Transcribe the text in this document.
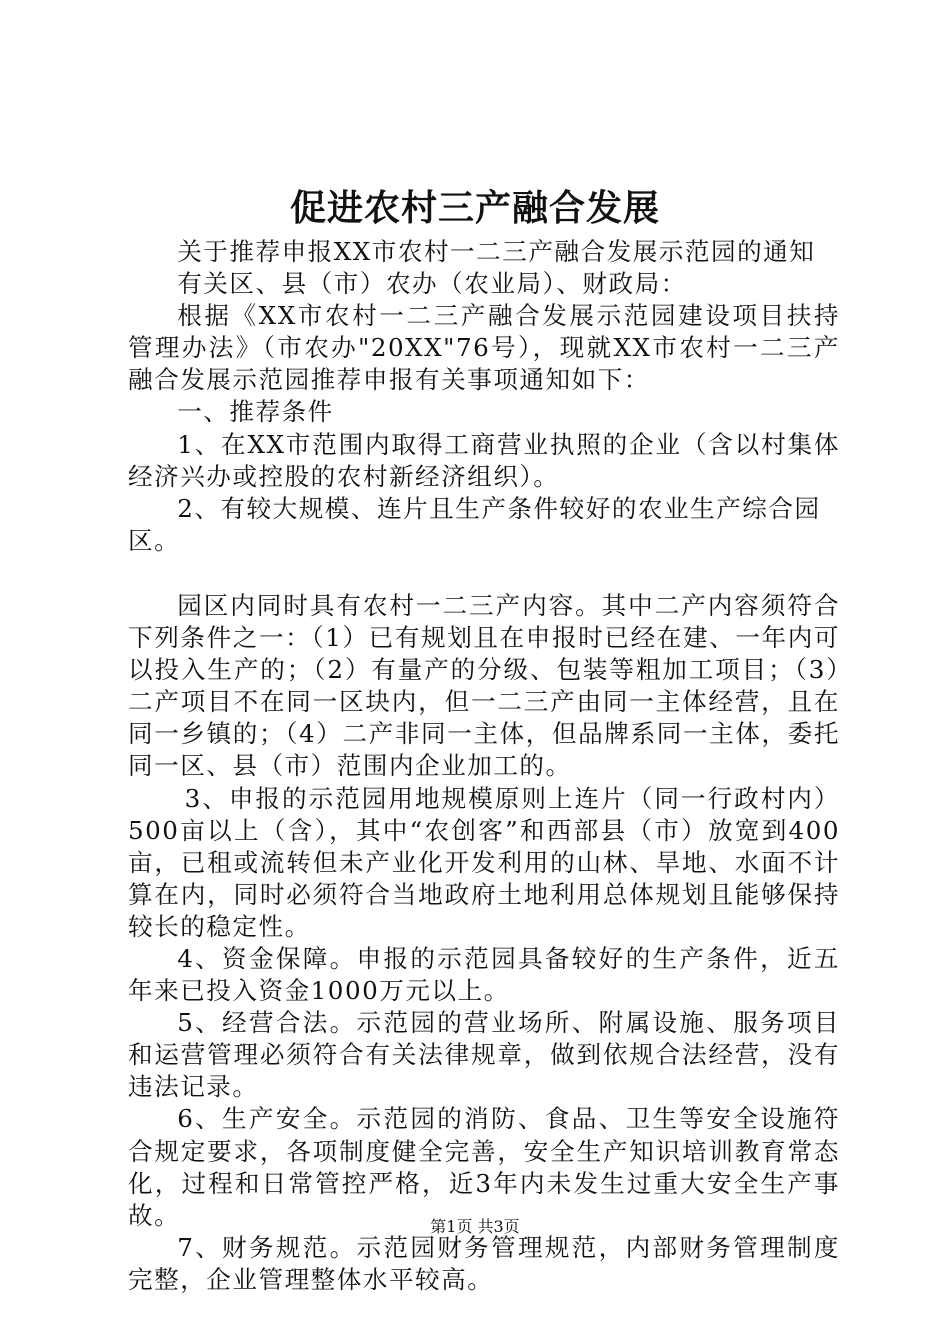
促进农村三产融合发展

关于推荐申报XX市农村一二三产融合发展示范园的通知

有关区、县（市）农办（农业局）、财政局：

根据《XX市农村一二三产融合发展示范园建设项目扶持管理办法》（市农办"20XX"76号），现就XX市农村一二三产融合发展示范园推荐申报有关事项通知如下：

一、推荐条件

1、在XX市范围内取得工商营业执照的企业（含以村集体经济兴办或控股的农村新经济组织）。

2、有较大规模、连片且生产条件较好的农业生产综合园区。

园区内同时具有农村一二三产内容。其中二产内容须符合下列条件之一：（1）已有规划且在申报时已经在建、一年内可以投入生产的；（2）有量产的分级、包装等粗加工项目；（3）二产项目不在同一区块内，但一二三产由同一主体经营，且在同一乡镇的；（4）二产非同一主体，但品牌系同一主体，委托同一区、县（市）范围内企业加工的。

3、申报的示范园用地规模原则上连片（同一行政村内）500亩以上（含），其中“农创客”和西部县（市）放宽到400亩，已租或流转但未产业化开发利用的山林、旱地、水面不计算在内，同时必须符合当地政府土地利用总体规划且能够保持较长的稳定性。

4、资金保障。申报的示范园具备较好的生产条件，近五年来已投入资金1000万元以上。

5、经营合法。示范园的营业场所、附属设施、服务项目和运营管理必须符合有关法律规章，做到依规合法经营，没有违法记录。

6、生产安全。示范园的消防、食品、卫生等安全设施符合规定要求，各项制度健全完善，安全生产知识培训教育常态化，过程和日常管控严格，近3年内未发生过重大安全生产事故。

7、财务规范。示范园财务管理规范，内部财务管理制度完整，企业管理整体水平较高。

第1页 共3页
